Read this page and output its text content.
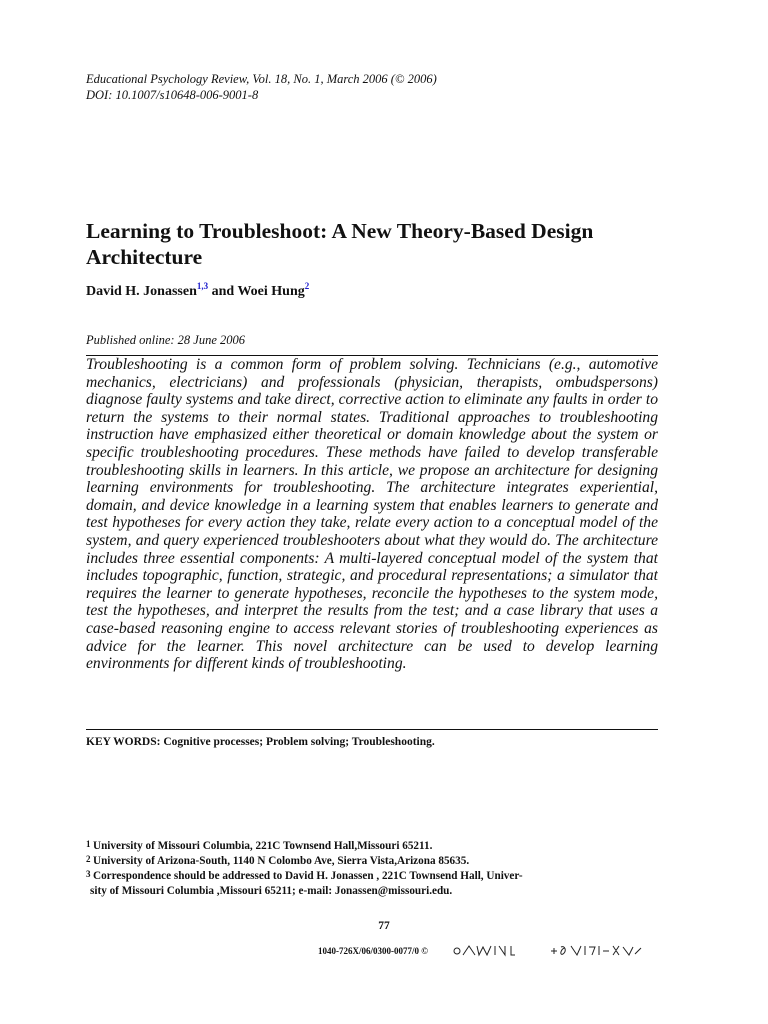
Educational Psychology Review, Vol. 18, No. 1, March 2006 (© 2006)
DOI: 10.1007/s10648-006-9001-8
Learning to Troubleshoot: A New Theory-Based Design Architecture
David H. Jonassen$^{1,3}$ and Woei Hung$^2$
Published online: 28 June 2006
Troubleshooting is a common form of problem solving. Technicians (e.g., automotive mechanics, electricians) and professionals (physician, therapists, ombudspersons) diagnose faulty systems and take direct, corrective action to eliminate any faults in order to return the systems to their normal states. Traditional approaches to troubleshooting instruction have emphasized either theoretical or domain knowledge about the system or specific troubleshooting procedures. These methods have failed to develop transferable troubleshooting skills in learners. In this article, we propose an architecture for designing learning environments for troubleshooting. The architecture integrates experiential, domain, and device knowledge in a learning system that enables learners to generate and test hypotheses for every action they take, relate every action to a conceptual model of the system, and query experienced troubleshooters about what they would do. The architecture includes three essential components: A multi-layered conceptual model of the system that includes topographic, function, strategic, and procedural representations; a simulator that requires the learner to generate hypotheses, reconcile the hypotheses to the system mode, test the hypotheses, and interpret the results from the test; and a case library that uses a case-based reasoning engine to access relevant stories of troubleshooting experiences as advice for the learner. This novel architecture can be used to develop learning environments for different kinds of troubleshooting.
KEY WORDS: Cognitive processes; Problem solving; Troubleshooting.
1 University of Missouri Columbia, 221C Townsend Hall,Missouri 65211.
2 University of Arizona-South, 1140 N Colombo Ave, Sierra Vista,Arizona 85635.
3 Correspondence should be addressed to David H. Jonassen , 221C Townsend Hall, Univer-
sity of Missouri Columbia ,Missouri 65211; e-mail: Jonassen@missouri.edu.
77
1040-726X/06/0300-0077/0 ©
